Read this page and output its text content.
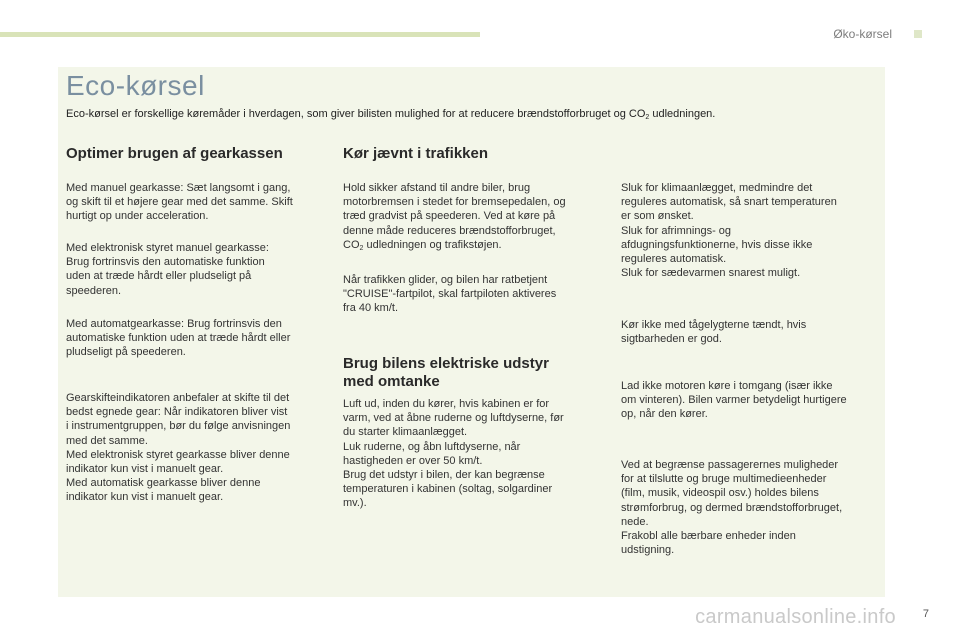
Øko-kørsel
Eco-kørsel
Eco-kørsel er forskellige køremåder i hverdagen, som giver bilisten mulighed for at reducere brændstofforbruget og $CO_2$ udledningen.
Optimer brugen af gearkassen

Med manuel gearkasse: Sæt langsomt i gang,
og skift til et højere gear med det samme. Skift
hurtigt op under acceleration.

Med elektronisk styret manuel gearkasse:
Brug fortrinsvis den automatiske funktion
uden at træde hårdt eller pludseligt på
speederen.

Med automatgearkasse: Brug fortrinsvis den
automatiske funktion uden at træde hårdt eller
pludseligt på speederen.

Gearskifteindikatoren anbefaler at skifte til det
bedst egnede gear: Når indikatoren bliver vist
i instrumentgruppen, bør du følge anvisningen
med det samme.
Med elektronisk styret gearkasse bliver denne
indikator kun vist i manuelt gear.
Med automatisk gearkasse bliver denne
indikator kun vist i manuelt gear.

Kør jævnt i trafikken

Hold sikker afstand til andre biler, brug
motorbremsen i stedet for bremsepedalen, og
træd gradvist på speederen. Ved at køre på
denne måde reduceres brændstofforbruget,
$CO_2$ udledningen og trafikstøjen.

Når trafikken glider, og bilen har ratbetjent
"CRUISE"-fartpilot, skal fartpiloten aktiveres
fra 40 km/t.

Brug bilens elektriske udstyr
med omtanke

Luft ud, inden du kører, hvis kabinen er for
varm, ved at åbne ruderne og luftdyserne, før
du starter klimaanlægget.
Luk ruderne, og åbn luftdyserne, når
hastigheden er over 50 km/t.
Brug det udstyr i bilen, der kan begrænse
temperaturen i kabinen (soltag, solgardiner
mv.).

Sluk for klimaanlægget, medmindre det
reguleres automatisk, så snart temperaturen
er som ønsket.
Sluk for afrimnings- og
afdugningsfunktionerne, hvis disse ikke
reguleres automatisk.
Sluk for sædevarmen snarest muligt.

Kør ikke med tågelygterne tændt, hvis
sigtbarheden er god.

Lad ikke motoren køre i tomgang (især ikke
om vinteren). Bilen varmer betydeligt hurtigere
op, når den kører.

Ved at begrænse passagerernes muligheder
for at tilslutte og bruge multimedieenheder
(film, musik, videospil osv.) holdes bilens
strømforbrug, og dermed brændstofforbruget,
nede.
Frakobl alle bærbare enheder inden
udstigning.

carmanualsonline.info 7
